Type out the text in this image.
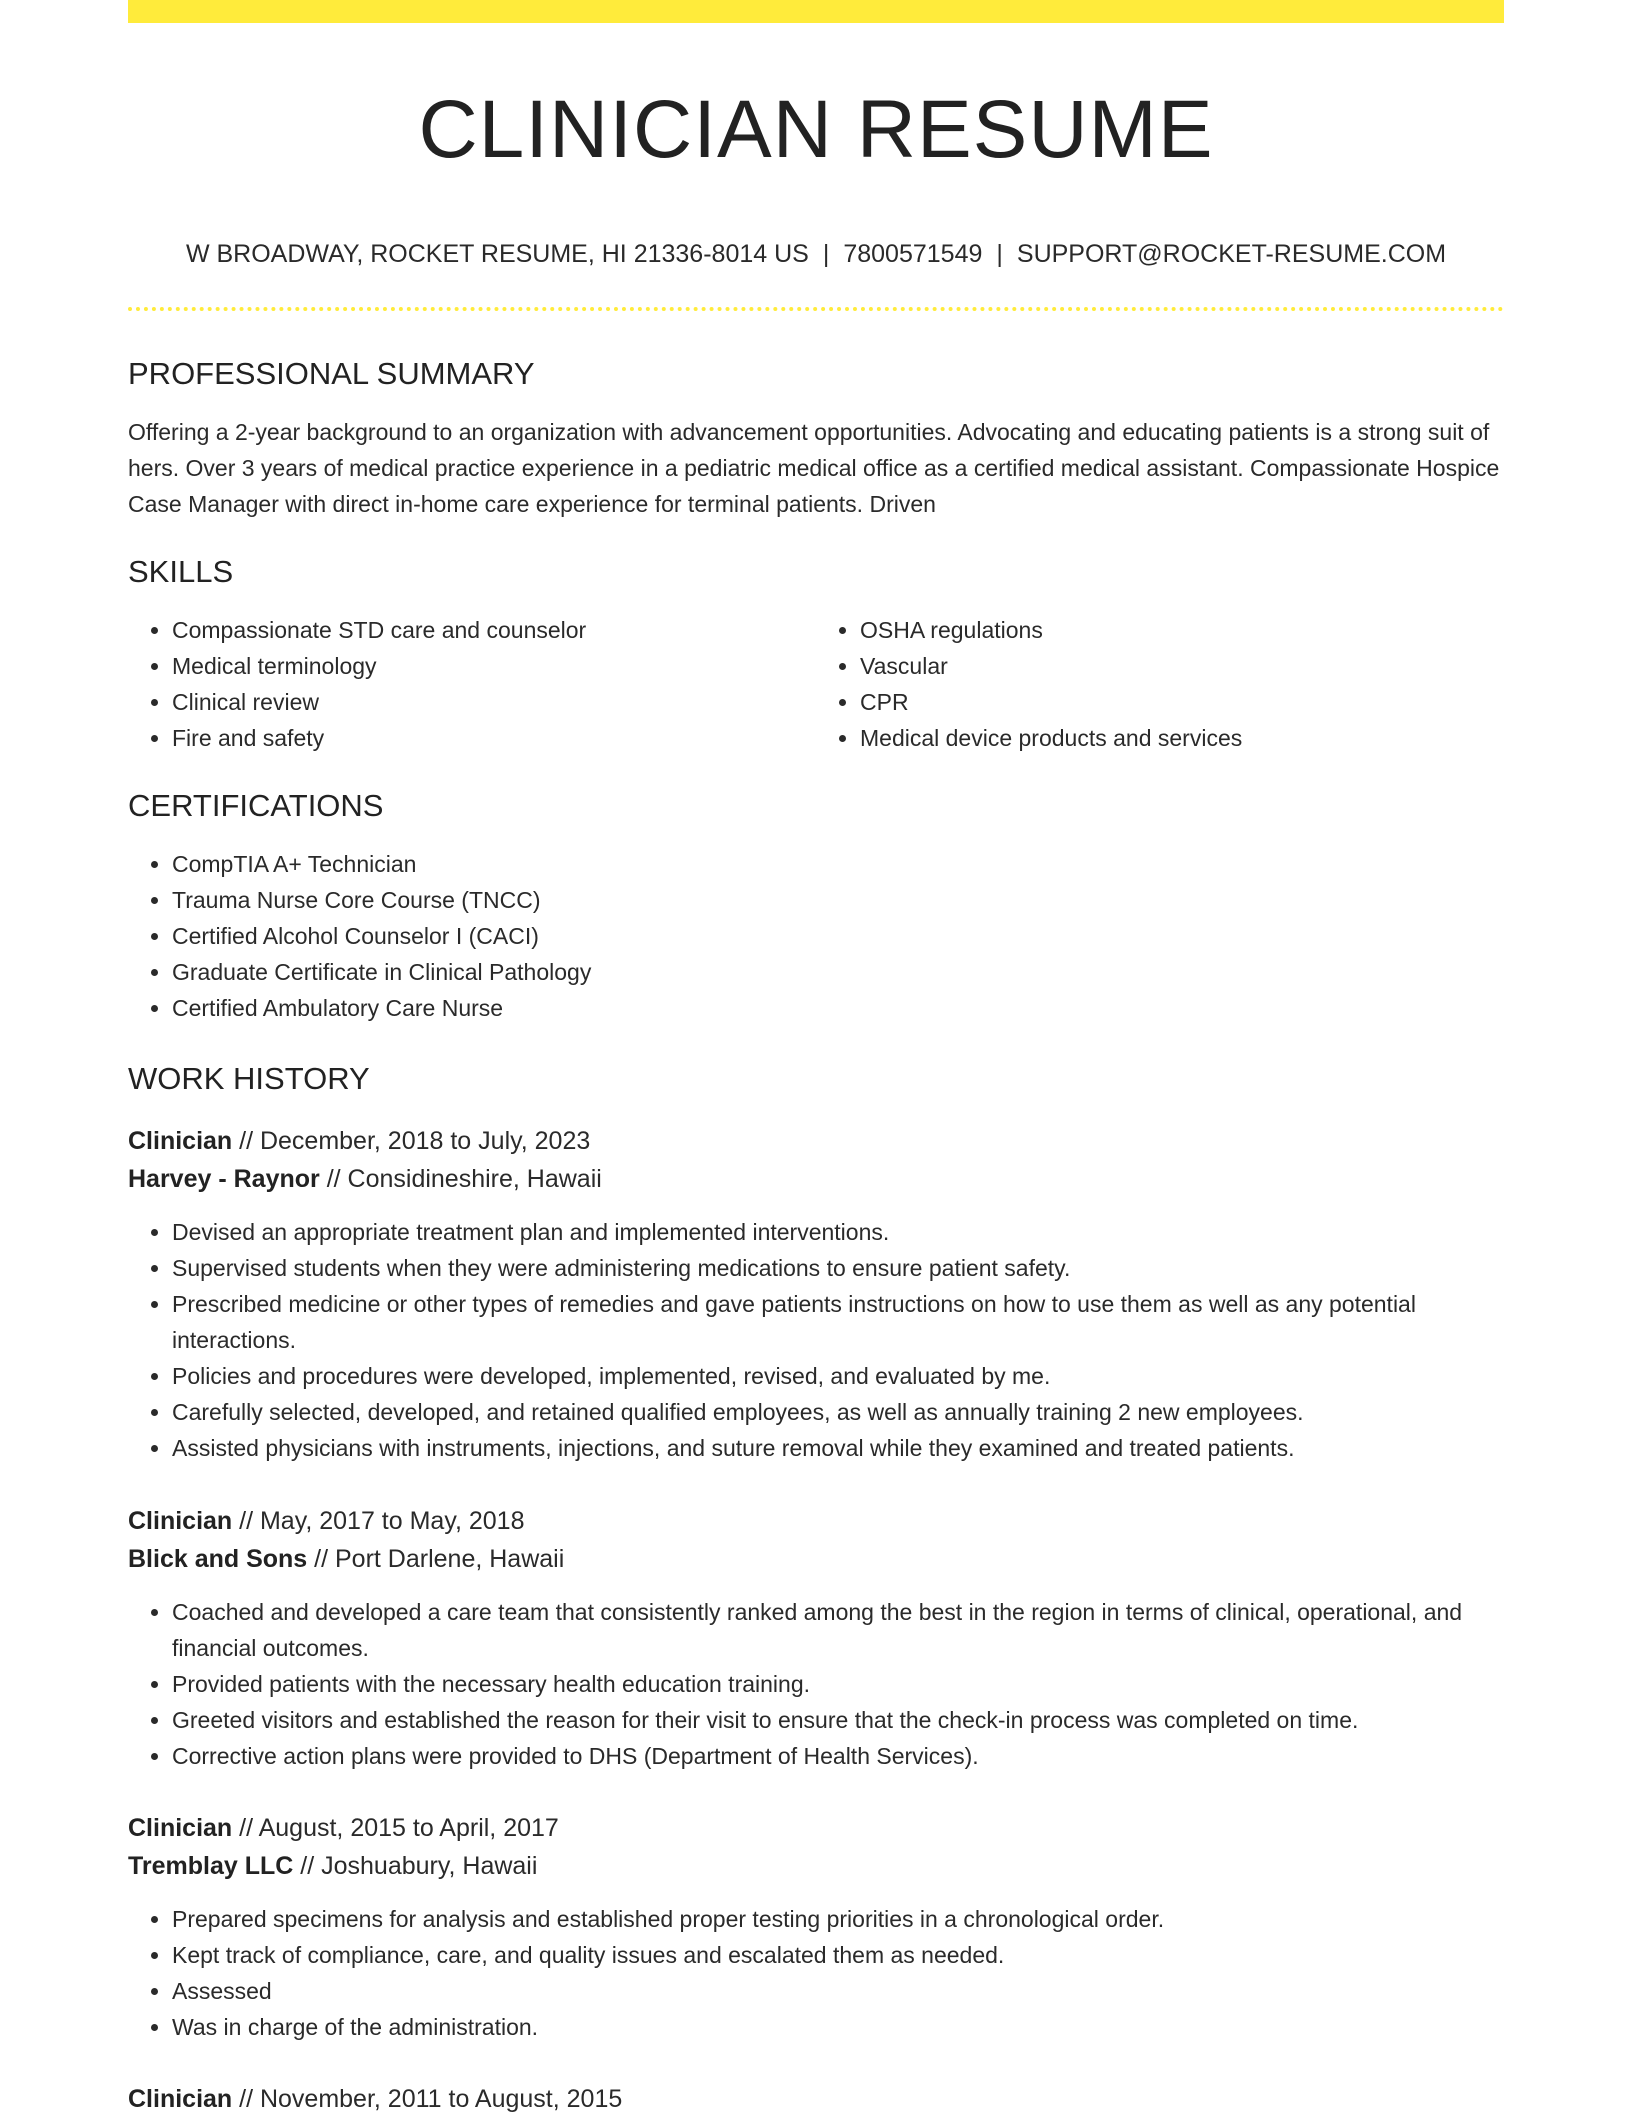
CLINICIAN RESUME
W BROADWAY, ROCKET RESUME, HI 21336-8014 US | 7800571549 | SUPPORT@ROCKET-RESUME.COM
PROFESSIONAL SUMMARY

Offering a 2-year background to an organization with advancement opportunities. Advocating and educating patients is a strong suit of hers. Over 3 years of medical practice experience in a pediatric medical office as a certified medical assistant. Compassionate Hospice Case Manager with direct in-home care experience for terminal patients. Driven

SKILLS
• Compassionate STD care and counselor
• Medical terminology
• Clinical review
• Fire and safety
• OSHA regulations
• Vascular
• CPR
• Medical device products and services
CERTIFICATIONS
• CompTIA A+ Technician
• Trauma Nurse Core Course (TNCC)
• Certified Alcohol Counselor I (CACI)
• Graduate Certificate in Clinical Pathology
• Certified Ambulatory Care Nurse
WORK HISTORY
Clinician // December, 2018 to July, 2023
Harvey - Raynor // Considineshire, Hawaii
• Devised an appropriate treatment plan and implemented interventions.
• Supervised students when they were administering medications to ensure patient safety.
• Prescribed medicine or other types of remedies and gave patients instructions on how to use them as well as any potential interactions.
• Policies and procedures were developed, implemented, revised, and evaluated by me.
• Carefully selected, developed, and retained qualified employees, as well as annually training 2 new employees.
• Assisted physicians with instruments, injections, and suture removal while they examined and treated patients.
Clinician // May, 2017 to May, 2018
Blick and Sons // Port Darlene, Hawaii
• Coached and developed a care team that consistently ranked among the best in the region in terms of clinical, operational, and financial outcomes.
• Provided patients with the necessary health education training.
• Greeted visitors and established the reason for their visit to ensure that the check-in process was completed on time.
• Corrective action plans were provided to DHS (Department of Health Services).
Clinician // August, 2015 to April, 2017
Tremblay LLC // Joshuabury, Hawaii
• Prepared specimens for analysis and established proper testing priorities in a chronological order.
• Kept track of compliance, care, and quality issues and escalated them as needed.
• Assessed
• Was in charge of the administration.
Clinician // November, 2011 to August, 2015
